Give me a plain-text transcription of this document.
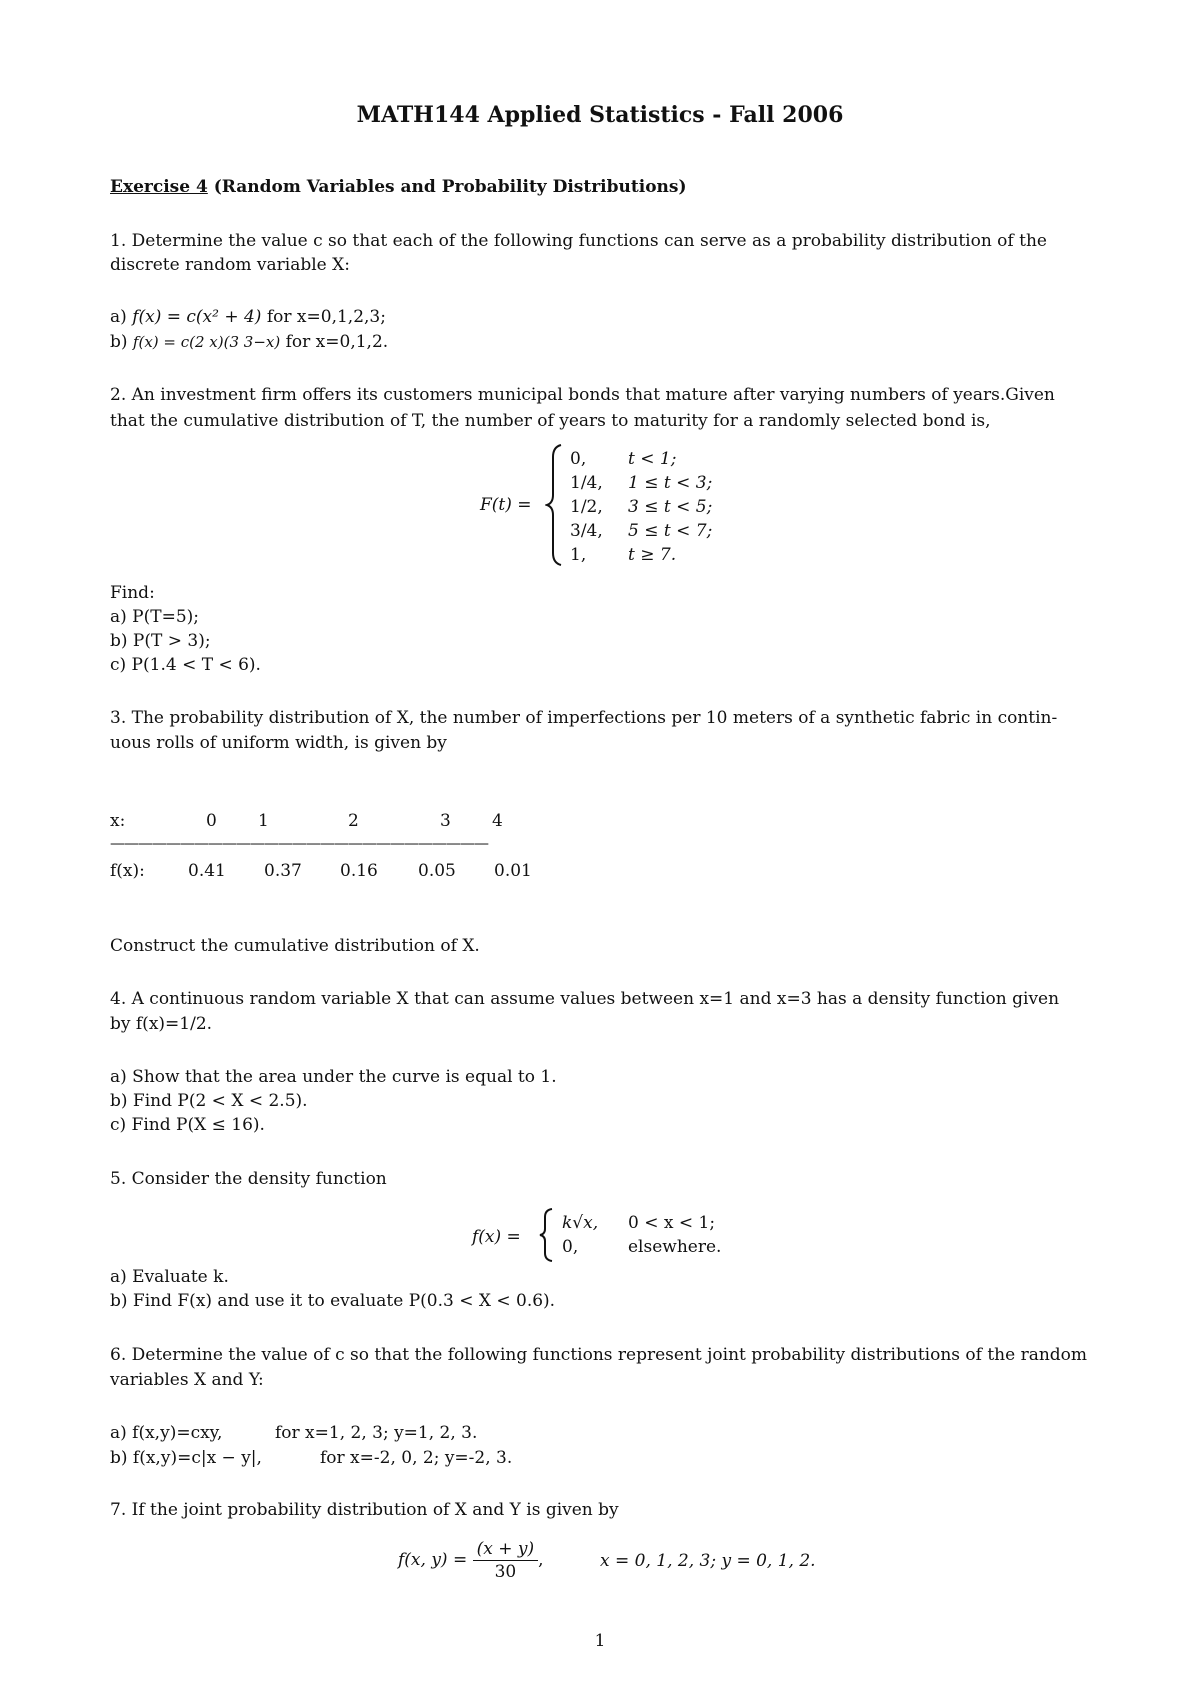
MATH144 Applied Statistics - Fall 2006
Exercise 4 (Random Variables and Probability Distributions)
1. Determine the value c so that each of the following functions can serve as a probability distribution of the
discrete random variable X:
a) f(x) = c(x² + 4) for x=0,1,2,3;
b) f(x) = c(2 x)(3 3−x) for x=0,1,2.
2. An investment firm offers its customers municipal bonds that mature after varying numbers of years.Given
that the cumulative distribution of T, the number of years to maturity for a randomly selected bond is,
F(t) =
0, t < 1;
1/4, 1 ≤ t < 3;
1/2, 3 ≤ t < 5;
3/4, 5 ≤ t < 7;
1, t ≥ 7.
Find:
a) P(T=5);
b) P(T > 3);
c) P(1.4 < T < 6).
3. The probability distribution of X, the number of imperfections per 10 meters of a synthetic fabric in contin-
uous rolls of uniform width, is given by
x:	0 1	2	3 4
———————————————————————————
f(x):	0.41 0.37 0.16 0.05 0.01
Construct the cumulative distribution of X.
4. A continuous random variable X that can assume values between x=1 and x=3 has a density function given
by f(x)=1/2.
a) Show that the area under the curve is equal to 1.
b) Find P(2 < X < 2.5).
c) Find P(X ≤ 16).
5. Consider the density function
f(x) =
k√x, 0 < x < 1;
0,	elsewhere.
a) Evaluate k.
b) Find F(x) and use it to evaluate P(0.3 < X < 0.6).
6. Determine the value of c so that the following functions represent joint probability distributions of the random
variables X and Y:
a) f(x,y)=cxy,	for x=1, 2, 3; y=1, 2, 3.
b) f(x,y)=c|x − y|,	for x=-2, 0, 2; y=-2, 3.
7. If the joint probability distribution of X and Y is given by
f(x, $y) = \frac{(x + y)}{30}$ ,	x = 0, 1, 2, 3; y = 0, 1, 2.
1
